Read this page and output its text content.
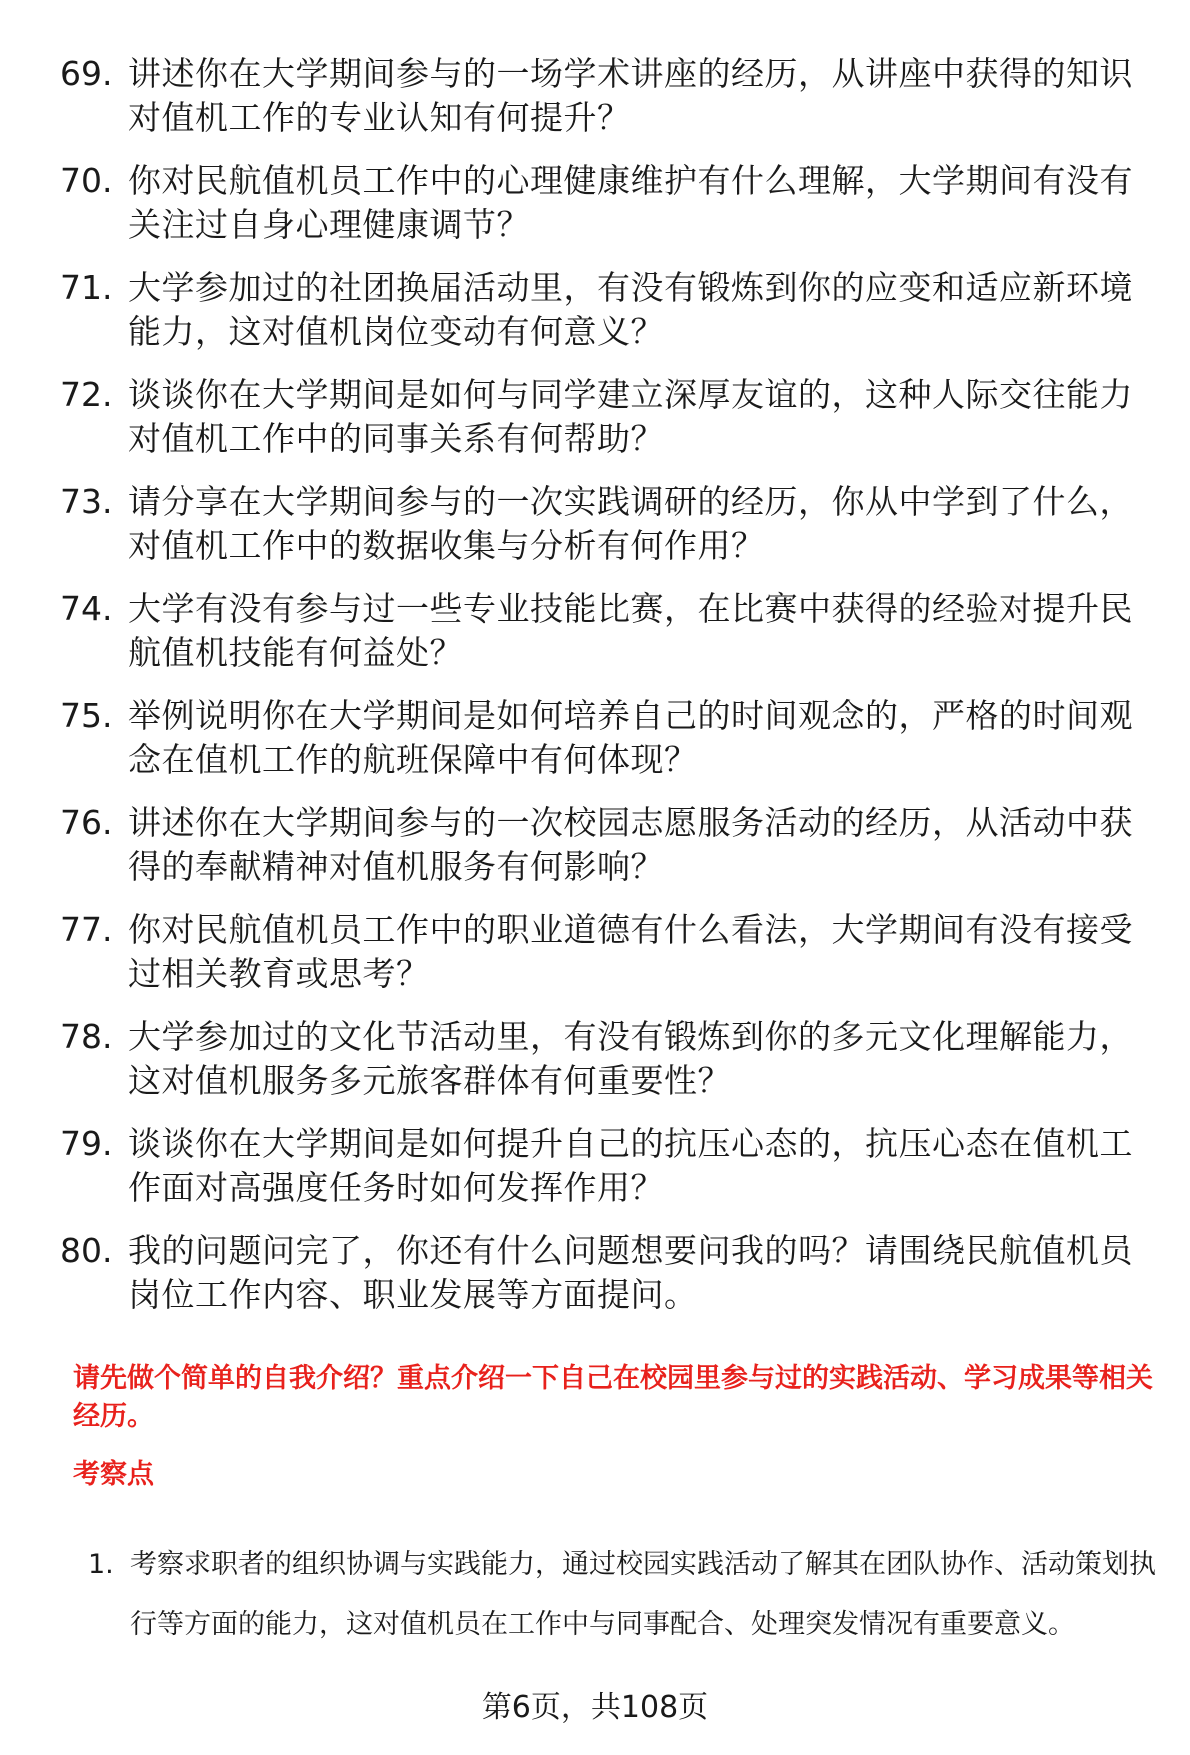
69. 讲述你在大学期间参与的一场学术讲座的经历，从讲座中获得的知识对值机工作的专业认知有何提升？
70. 你对民航值机员工作中的心理健康维护有什么理解，大学期间有没有关注过自身心理健康调节？
71. 大学参加过的社团换届活动里，有没有锻炼到你的应变和适应新环境能力，这对值机岗位变动有何意义？
72. 谈谈你在大学期间是如何与同学建立深厚友谊的，这种人际交往能力对值机工作中的同事关系有何帮助？
73. 请分享在大学期间参与的一次实践调研的经历，你从中学到了什么，对值机工作中的数据收集与分析有何作用？
74. 大学有没有参与过一些专业技能比赛，在比赛中获得的经验对提升民航值机技能有何益处？
75. 举例说明你在大学期间是如何培养自己的时间观念的，严格的时间观念在值机工作的航班保障中有何体现？
76. 讲述你在大学期间参与的一次校园志愿服务活动的经历，从活动中获得的奉献精神对值机服务有何影响？
77. 你对民航值机员工作中的职业道德有什么看法，大学期间有没有接受过相关教育或思考？
78. 大学参加过的文化节活动里，有没有锻炼到你的多元文化理解能力，这对值机服务多元旅客群体有何重要性？
79. 谈谈你在大学期间是如何提升自己的抗压心态的，抗压心态在值机工作面对高强度任务时如何发挥作用？
80. 我的问题问完了，你还有什么问题想要问我的吗？请围绕民航值机员岗位工作内容、职业发展等方面提问。
请先做个简单的自我介绍？重点介绍一下自己在校园里参与过的实践活动、学习成果等相关经历。
考察点
1. 考察求职者的组织协调与实践能力，通过校园实践活动了解其在团队协作、活动策划执行等方面的能力，这对值机员在工作中与同事配合、处理突发情况有重要意义。
第6页，共108页
